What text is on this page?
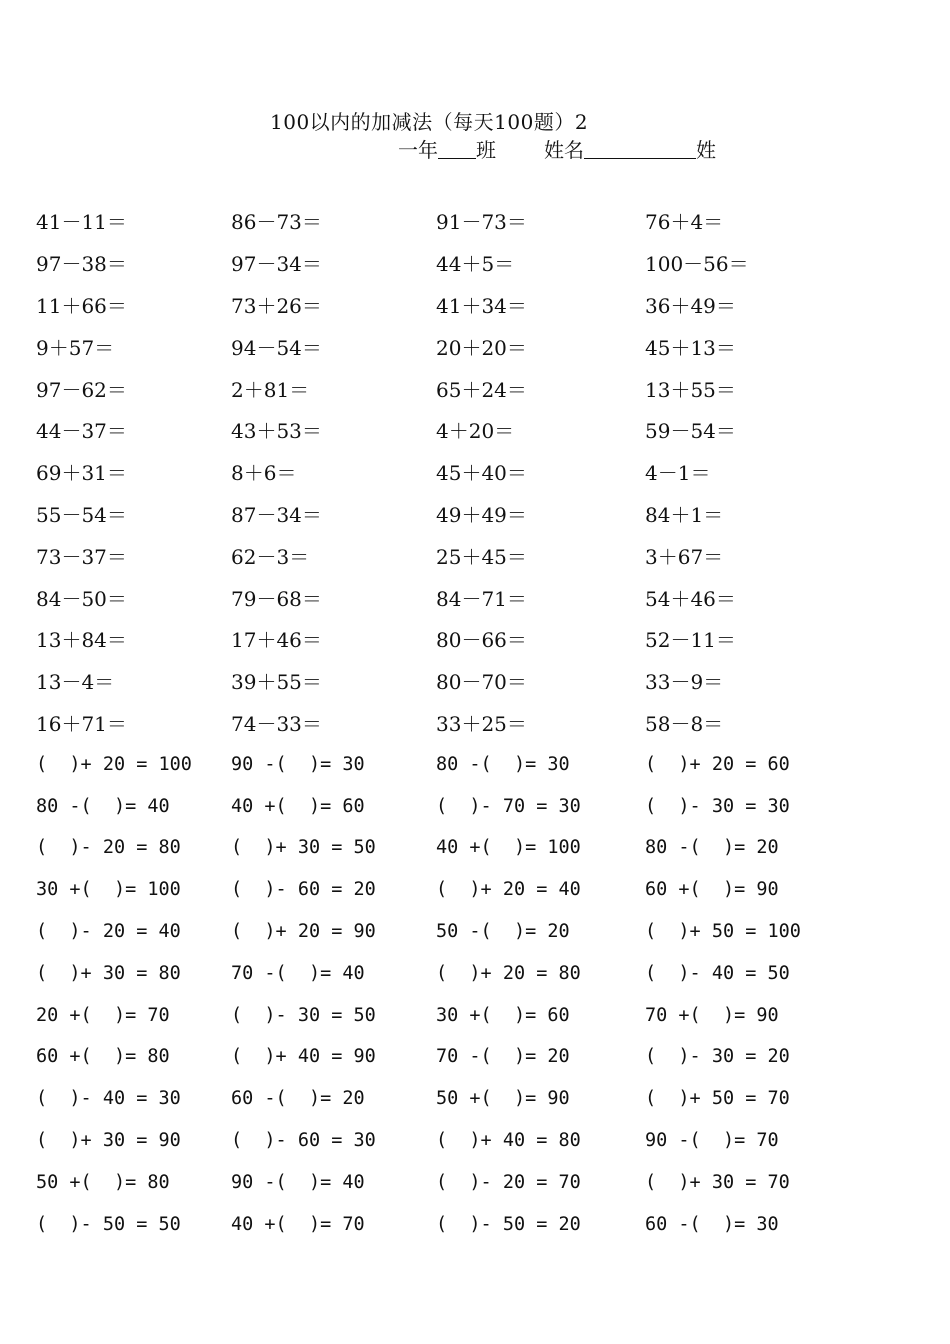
100以内的加减法（每天100题）2
一年 班 姓名	姓
41－11＝	86－73＝	91－73＝	76＋4＝
97－38＝	97－34＝	44＋5＝	100－56＝
11＋66＝	73＋26＝	41＋34＝	36＋49＝
9＋57＝	94－54＝	20＋20＝	45＋13＝
97－62＝	2＋81＝	65＋24＝	13＋55＝
44－37＝	43＋53＝	4＋20＝	59－54＝
69＋31＝	8＋6＝	45＋40＝	4－1＝
55－54＝	87－34＝	49＋49＝	84＋1＝
73－37＝	62－3＝	25＋45＝	3＋67＝
84－50＝	79－68＝	84－71＝	54＋46＝
13＋84＝	17＋46＝	80－66＝	52－11＝
13－4＝	39＋55＝	80－70＝	33－9＝
16＋71＝	74－33＝	33＋25＝	58－8＝
(  )+ 20 = 100	90 -(  )= 30	80 -(  )= 30	(  )+ 20 = 60
80 -(  )= 40	40 +(  )= 60	(  )- 70 = 30	(  )- 30 = 30
(  )- 20 = 80	(  )+ 30 = 50	40 +(  )= 100	80 -(  )= 20
30 +(  )= 100	(  )- 60 = 20	(  )+ 20 = 40	60 +(  )= 90
(  )- 20 = 40	(  )+ 20 = 90	50 -(  )= 20	(  )+ 50 = 100
(  )+ 30 = 80	70 -(  )= 40	(  )+ 20 = 80	(  )- 40 = 50
20 +(  )= 70	(  )- 30 = 50	30 +(  )= 60	70 +(  )= 90
60 +(  )= 80	(  )+ 40 = 90	70 -(  )= 20	(  )- 30 = 20
(  )- 40 = 30	60 -(  )= 20	50 +(  )= 90	(  )+ 50 = 70
(  )+ 30 = 90	(  )- 60 = 30	(  )+ 40 = 80	90 -(  )= 70
50 +(  )= 80	90 -(  )= 40	(  )- 20 = 70	(  )+ 30 = 70
(  )- 50 = 50	40 +(  )= 70	(  )- 50 = 20	60 -(  )= 30
